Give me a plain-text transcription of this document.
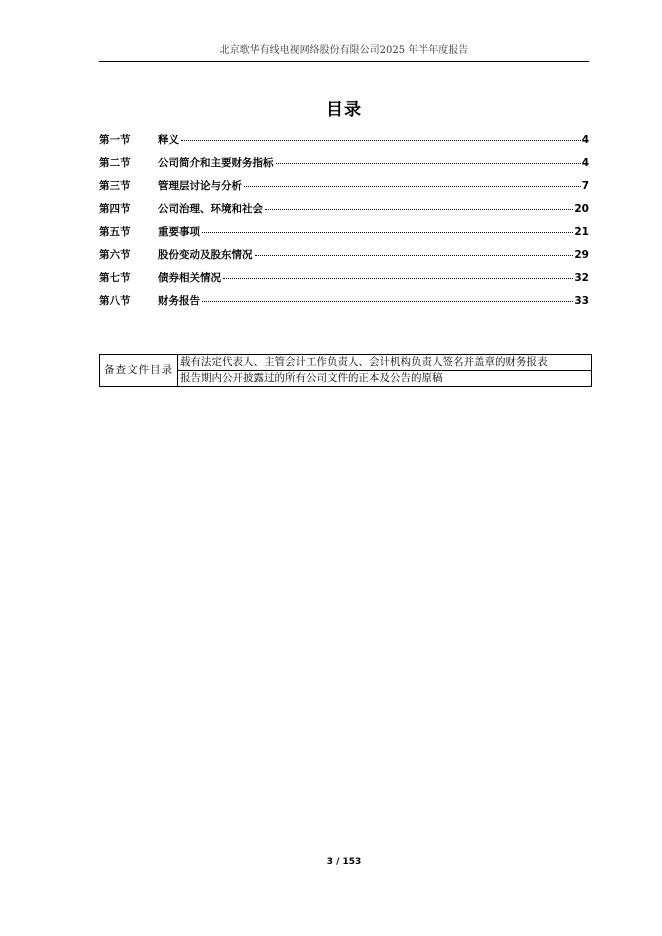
北京歌华有线电视网络股份有限公司2025 年半年度报告
目录
第一节	释义	4
第二节	公司简介和主要财务指标	4
第三节	管理层讨论与分析	7
第四节	公司治理、环境和社会	20
第五节	重要事项	21
第六节	股份变动及股东情况	29
第七节	债券相关情况	32
第八节	财务报告	33
备查文件目录	载有法定代表人、主管会计工作负责人、会计机构负责人签名并盖章的财务报表
报告期内公开披露过的所有公司文件的正本及公告的原稿
3 / 153
